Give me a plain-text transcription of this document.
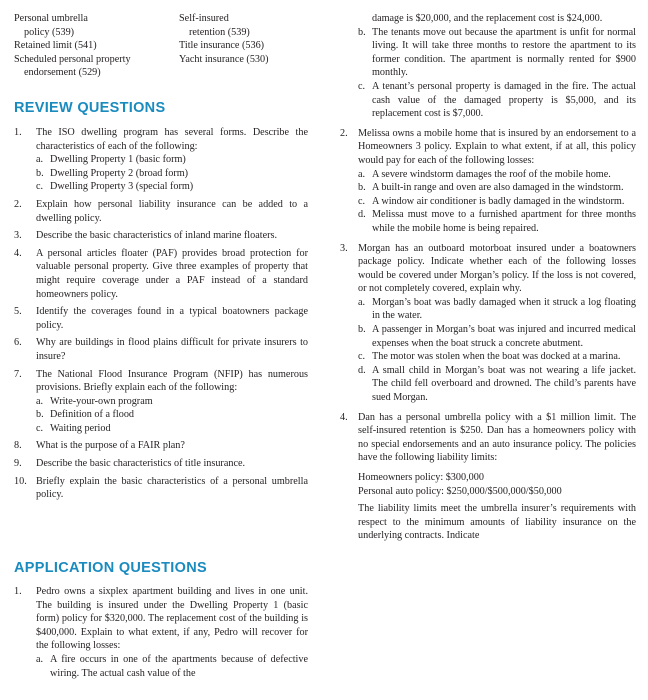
Personal umbrella
policy (539)
Retained limit (541)
Scheduled personal property
endorsement (529)
Self-insured
retention (539)
Title insurance (536)
Yacht insurance (530)
REVIEW QUESTIONS
1. The ISO dwelling program has several forms. Describe the characteristics of each of the following:
a. Dwelling Property 1 (basic form)
b. Dwelling Property 2 (broad form)
c. Dwelling Property 3 (special form)
2. Explain how personal liability insurance can be added to a dwelling policy.
3. Describe the basic characteristics of inland marine floaters.
4. A personal articles floater (PAF) provides broad protection for valuable personal property. Give three examples of property that might require coverage under a PAF instead of a standard homeowners policy.
5. Identify the coverages found in a typical boatowners package policy.
6. Why are buildings in flood plains difficult for private insurers to insure?
7. The National Flood Insurance Program (NFIP) has numerous provisions. Briefly explain each of the following:
a. Write-your-own program
b. Definition of a flood
c. Waiting period
8. What is the purpose of a FAIR plan?
9. Describe the basic characteristics of title insurance.
10. Briefly explain the basic characteristics of a personal umbrella policy.
APPLICATION QUESTIONS
1. Pedro owns a sixplex apartment building and lives in one unit. The building is insured under the Dwelling Property 1 (basic form) policy for $320,000. The replacement cost of the building is $400,000. Explain to what extent, if any, Pedro will recover for the following losses:
a. A fire occurs in one of the apartments because of defective wiring. The actual cash value of the
damage is $20,000, and the replacement cost is $24,000.
b. The tenants move out because the apartment is unfit for normal living. It will take three months to restore the apartment to its former condition. The apartment is normally rented for $900 monthly.
c. A tenant’s personal property is damaged in the fire. The actual cash value of the damaged property is $5,000, and its replacement cost is $7,000.
2. Melissa owns a mobile home that is insured by an endorsement to a Homeowners 3 policy. Explain to what extent, if at all, this policy would pay for each of the following losses:
a. A severe windstorm damages the roof of the mobile home.
b. A built-in range and oven are also damaged in the windstorm.
c. A window air conditioner is badly damaged in the windstorm.
d. Melissa must move to a furnished apartment for three months while the mobile home is being repaired.
3. Morgan has an outboard motorboat insured under a boatowners package policy. Indicate whether each of the following losses would be covered under Morgan’s policy. If the loss is not covered, or not completely covered, explain why.
a. Morgan’s boat was badly damaged when it struck a log floating in the water.
b. A passenger in Morgan’s boat was injured and incurred medical expenses when the boat struck a concrete abutment.
c. The motor was stolen when the boat was docked at a marina.
d. A small child in Morgan’s boat was not wearing a life jacket. The child fell overboard and drowned. The child’s parents have sued Morgan.
4. Dan has a personal umbrella policy with a $1 million limit. The self-insured retention is $250. Dan has a homeowners policy with no special endorsements and an auto insurance policy. The policies have the following liability limits:
Homeowners policy: $300,000
Personal auto policy: $250,000/$500,000/$50,000
The liability limits meet the umbrella insurer’s requirements with respect to the minimum amounts of liability insurance on the underlying contracts. Indicate
